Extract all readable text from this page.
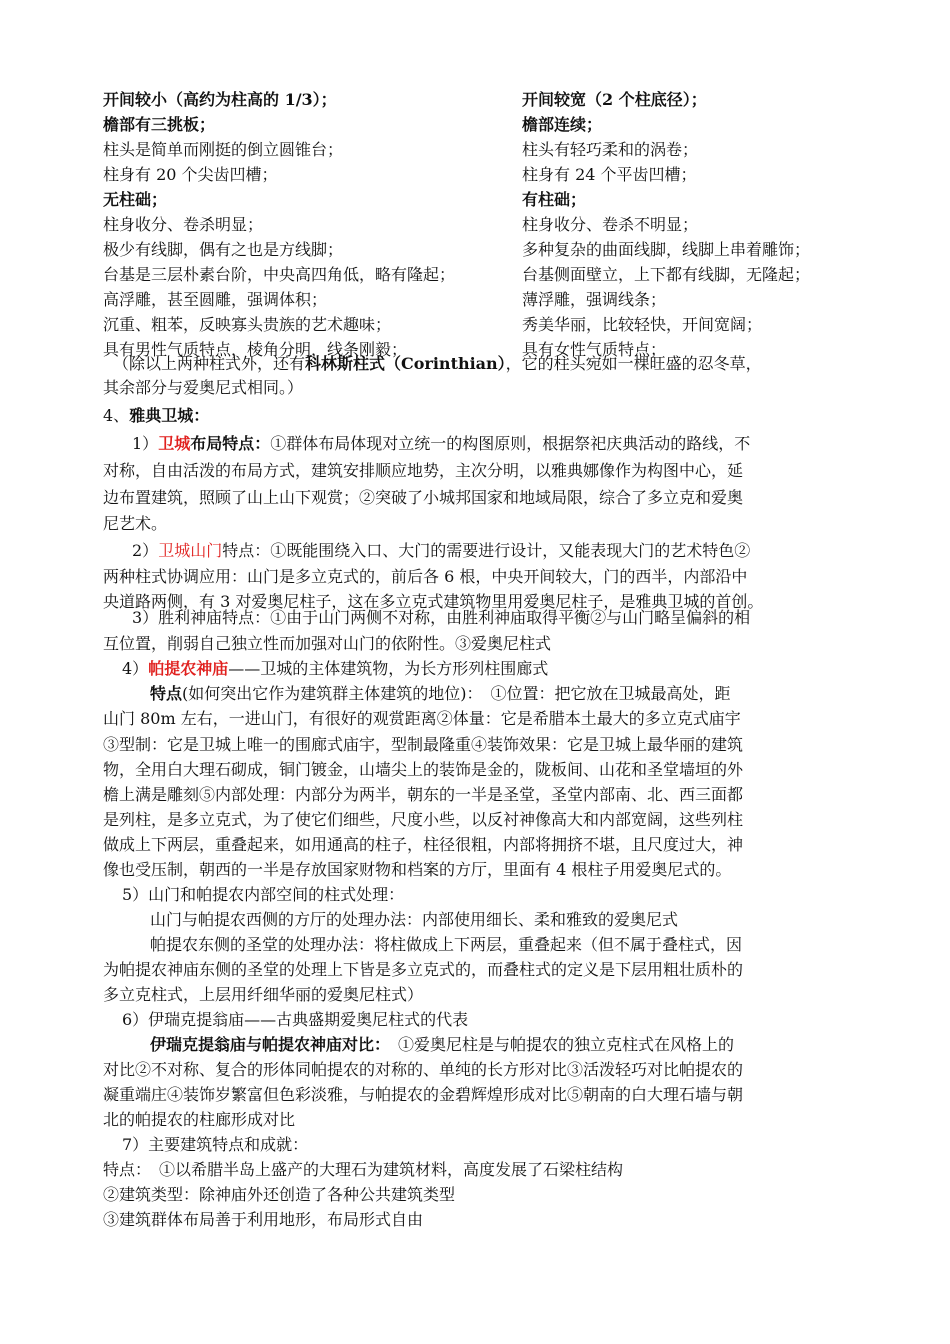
开间较小（高约为柱高的 1/3）；
檐部有三挑板；
柱头是简单而刚挺的倒立圆锥台；
柱身有 20 个尖齿凹槽；
无柱础；
柱身收分、卷杀明显；
极少有线脚，偶有之也是方线脚；
台基是三层朴素台阶，中央高四角低，略有隆起；
高浮雕，甚至圆雕，强调体积；
沉重、粗苯，反映寡头贵族的艺术趣味；
具有男性气质特点，棱角分明，线条刚毅；
开间较宽（2 个柱底径）；
檐部连续；
柱头有轻巧柔和的涡卷；
柱身有 24 个平齿凹槽；
有柱础；
柱身收分、卷杀不明显；
多种复杂的曲面线脚，线脚上串着雕饰；
台基侧面壁立，上下都有线脚，无隆起；
薄浮雕，强调线条；
秀美华丽，比较轻快，开间宽阔；
具有女性气质特点；
（除以上两种柱式外，还有科林斯柱式（Corinthian），它的柱头宛如一棵旺盛的忍冬草，
其余部分与爱奥尼式相同。）
4、雅典卫城：
1）卫城布局特点：①群体布局体现对立统一的构图原则，根据祭祀庆典活动的路线，不
对称，自由活泼的布局方式，建筑安排顺应地势，主次分明，以雅典娜像作为构图中心，延
边布置建筑，照顾了山上山下观赏；②突破了小城邦国家和地域局限，综合了多立克和爱奥
尼艺术。
2）卫城山门特点：①既能围绕入口、大门的需要进行设计，又能表现大门的艺术特色②
两种柱式协调应用：山门是多立克式的，前后各 6 根，中央开间较大，门的西半，内部沿中
央道路两侧，有 3 对爱奥尼柱子，这在多立克式建筑物里用爱奥尼柱子，是雅典卫城的首创。
3）胜利神庙特点：①由于山门两侧不对称，由胜利神庙取得平衡②与山门略呈偏斜的相
互位置，削弱自己独立性而加强对山门的依附性。③爱奥尼柱式
4）帕提农神庙——卫城的主体建筑物，为长方形列柱围廊式
特点(如何突出它作为建筑群主体建筑的地位)：　①位置：把它放在卫城最高处，距
山门 80m 左右，一进山门，有很好的观赏距离②体量：它是希腊本土最大的多立克式庙宇
③型制：它是卫城上唯一的围廊式庙宇，型制最隆重④装饰效果：它是卫城上最华丽的建筑
物，全用白大理石砌成，铜门镀金，山墙尖上的装饰是金的，陇板间、山花和圣堂墙垣的外
檐上满是雕刻⑤内部处理：内部分为两半，朝东的一半是圣堂，圣堂内部南、北、西三面都
是列柱，是多立克式，为了使它们细些，尺度小些，以反衬神像高大和内部宽阔，这些列柱
做成上下两层，重叠起来，如用通高的柱子，柱径很粗，内部将拥挤不堪，且尺度过大，神
像也受压制，朝西的一半是存放国家财物和档案的方厅，里面有 4 根柱子用爱奥尼式的。
5）山门和帕提农内部空间的柱式处理：
山门与帕提农西侧的方厅的处理办法：内部使用细长、柔和雅致的爱奥尼式
帕提农东侧的圣堂的处理办法：将柱做成上下两层，重叠起来（但不属于叠柱式，因
为帕提农神庙东侧的圣堂的处理上下皆是多立克式的，而叠柱式的定义是下层用粗壮质朴的
多立克柱式，上层用纤细华丽的爱奥尼柱式）
6）伊瑞克提翁庙——古典盛期爱奥尼柱式的代表
伊瑞克提翁庙与帕提农神庙对比：　①爱奥尼柱是与帕提农的独立克柱式在风格上的
对比②不对称、复合的形体同帕提农的对称的、单纯的长方形对比③活泼轻巧对比帕提农的
凝重端庄④装饰岁繁富但色彩淡雅，与帕提农的金碧辉煌形成对比⑤朝南的白大理石墙与朝
北的帕提农的柱廊形成对比
7）主要建筑特点和成就：
特点：　①以希腊半岛上盛产的大理石为建筑材料，高度发展了石梁柱结构
②建筑类型：除神庙外还创造了各种公共建筑类型
③建筑群体布局善于利用地形，布局形式自由
